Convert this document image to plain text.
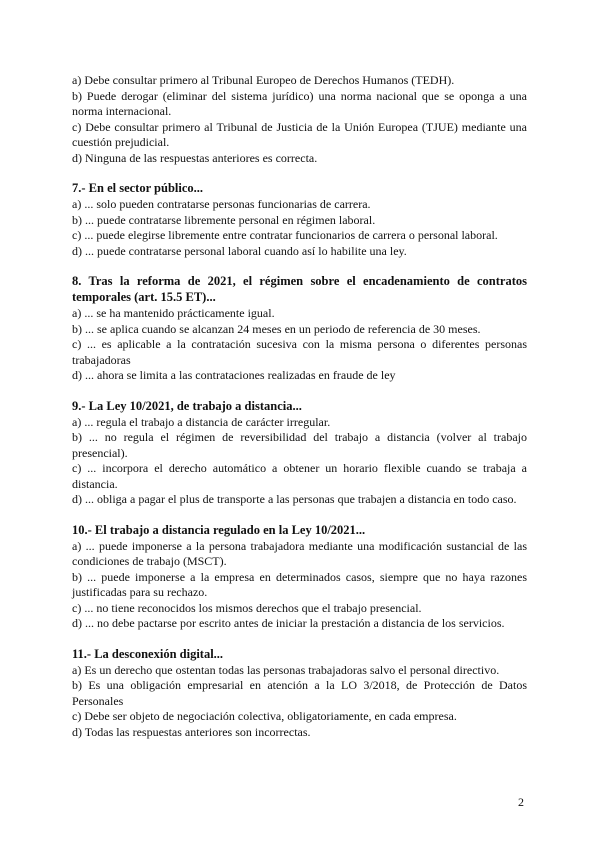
a) Debe consultar primero al Tribunal Europeo de Derechos Humanos (TEDH).

b) Puede derogar (eliminar del sistema jurídico) una norma nacional que se oponga a una norma internacional.

c) Debe consultar primero al Tribunal de Justicia de la Unión Europea (TJUE) mediante una cuestión prejudicial.

d) Ninguna de las respuestas anteriores es correcta.

7.- En el sector público...

a) ... solo pueden contratarse personas funcionarias de carrera.

b) ... puede contratarse libremente personal en régimen laboral.

c) ... puede elegirse libremente entre contratar funcionarios de carrera o personal laboral.

d) ... puede contratarse personal laboral cuando así lo habilite una ley.

8. Tras la reforma de 2021, el régimen sobre el encadenamiento de contratos temporales (art. 15.5 ET)...

a) ... se ha mantenido prácticamente igual.

b) ... se aplica cuando se alcanzan 24 meses en un periodo de referencia de 30 meses.

c) ... es aplicable a la contratación sucesiva con la misma persona o diferentes personas trabajadoras

d) ... ahora se limita a las contrataciones realizadas en fraude de ley

9.- La Ley 10/2021, de trabajo a distancia...

a) ... regula el trabajo a distancia de carácter irregular.

b) ... no regula el régimen de reversibilidad del trabajo a distancia (volver al trabajo presencial).

c) ... incorpora el derecho automático a obtener un horario flexible cuando se trabaja a distancia.

d) ... obliga a pagar el plus de transporte a las personas que trabajen a distancia en todo caso.

10.- El trabajo a distancia regulado en la Ley 10/2021...

a) ... puede imponerse a la persona trabajadora mediante una modificación sustancial de las condiciones de trabajo (MSCT).

b) ... puede imponerse a la empresa en determinados casos, siempre que no haya razones justificadas para su rechazo.

c) ... no tiene reconocidos los mismos derechos que el trabajo presencial.

d) ... no debe pactarse por escrito antes de iniciar la prestación a distancia de los servicios.

11.- La desconexión digital...

a) Es un derecho que ostentan todas las personas trabajadoras salvo el personal directivo.

b) Es una obligación empresarial en atención a la LO 3/2018, de Protección de Datos Personales

c) Debe ser objeto de negociación colectiva, obligatoriamente, en cada empresa.

d) Todas las respuestas anteriores son incorrectas.

2
